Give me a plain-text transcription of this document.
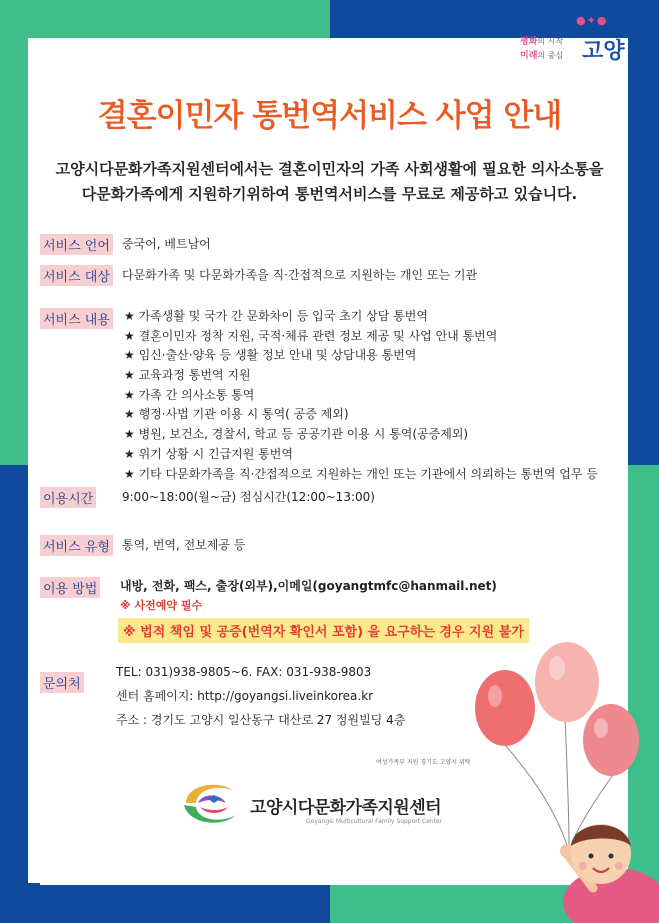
●✦●
평화의 시작
미래의 중심 고양
결혼이민자 통번역서비스 사업 안내
고양시다문화가족지원센터에서는 결혼이민자의 가족 사회생활에 필요한 의사소통을
다문화가족에게 지원하기위하여 통번역서비스를 무료로 제공하고 있습니다.
서비스 언어 중국어, 베트남어
서비스 대상 다문화가족 및 다문화가족을 직·간접적으로 지원하는 개인 또는 기관
서비스 내용
★	가족생활 및 국가 간 문화차이 등 입국 초기 상담 통번역
★ 결혼이민자 정착 지원, 국적·체류 관련 정보 제공 및 사업 안내 통번역
★ 임신·출산·양육 등 생활 정보 안내 및 상담내용 통번역
★ 교육과정 통번역 지원
★ 가족 간 의사소통 통역
★ 행정·사법 기관 이용 시 통역( 공증 제외)
★ 병원, 보건소, 경찰서, 학교 등 공공기관 이용 시 통역(공증제외)
★ 위기 상황 시 긴급지원 통번역
★ 기타 다문화가족을 직·간접적으로 지원하는 개인 또는 기관에서 의뢰하는 통번역 업무 등
이용시간 9:00~18:00(월~금) 점심시간(12:00~13:00)
서비스 유형 통역, 번역, 전보제공 등
이용 방법 내방, 전화, 팩스, 출장(외부),이메일(goyangtmfc@hanmail.net)
※ 사전예약 필수
※ 법적 책임 및 공증(번역자 확인서 포함) 을 요구하는 경우 지원 불가
문의처
TEL: 031)938-9805~6. FAX: 031-938-9803
센터 홈페이지: http://goyangsi.liveinkorea.kr
주소 : 경기도 고양시 일산동구 대산로 27 정원빌딩 4층
여성가족부 지원 경기도 고양시 위탁
고양시다문화가족지원센터
Goyangsi Multicultural Family Support Center
